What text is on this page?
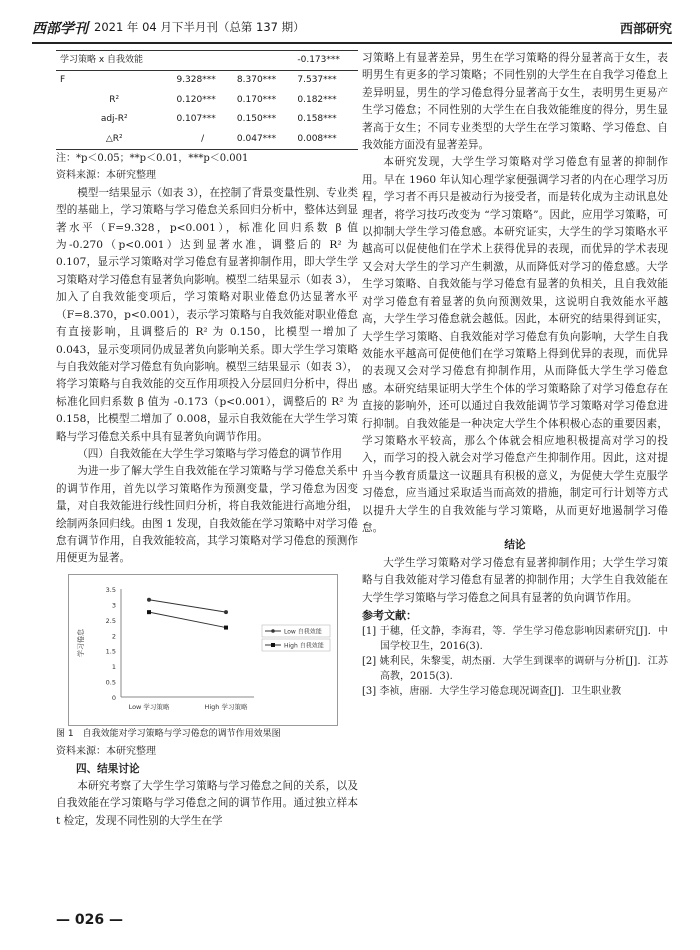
西部学刊 2021 年 04 月下半月刊（总第 137 期）	西部研究
学习策略 x 自我效能			-0.173***
F	9.328***	8.370***	7.537***
R²	0.120***	0.170***	0.182***
adj-R²	0.107***	0.150***	0.158***
△R²	/	0.047***	0.008***

注：*p＜0.05；**p＜0.01，***p＜0.001

资料来源：本研究整理

模型一结果显示（如表 3），在控制了背景变量性别、专业类型的基础上，学习策略与学习倦怠关系回归分析中，整体达到显著水平（F=9.328，p<0.001），标准化回归系数 β 值为-0.270（p<0.001）达到显著水准，调整后的 R² 为 0.107，显示学习策略对学习倦怠有显著抑制作用，即大学生学习策略对学习倦怠有显著负向影响。模型二结果显示（如表 3），加入了自我效能变项后，学习策略对职业倦怠仍达显著水平（F=8.370，p<0.001），表示学习策略与自我效能对职业倦怠有直接影响，且调整后的 R² 为 0.150，比模型一增加了 0.043，显示变项同仍成显著负向影响关系。即大学生学习策略与自我效能对学习倦怠有负向影响。模型三结果显示（如表 3），将学习策略与自我效能的交互作用项投入分层回归分析中，得出标准化回归系数 β 值为 -0.173（p<0.001），调整后的 R² 为 0.158，比模型二增加了 0.008，显示自我效能在大学生学习策略与学习倦怠关系中具有显著负向调节作用。

（四）自我效能在大学生学习策略与学习倦怠的调节作用

为进一步了解大学生自我效能在学习策略与学习倦怠关系中的调节作用，首先以学习策略作为预测变量，学习倦怠为因变量，对自我效能进行线性回归分析，将自我效能进行高地分组，绘制两条回归线。由图 1 发现，自我效能在学习策略中对学习倦怠有调节作用，自我效能较高，其学习策略对学习倦怠的预测作用便更为显著。

0
0.5
1
1.5
2
2.5
3
3.5
学习倦怠
Low 学习策略	High 学习策略
Low 自我效能
High 自我效能

图 1　自我效能对学习策略与学习倦怠的调节作用效果图

资料来源：本研究整理

四、结果讨论

本研究考察了大学生学习策略与学习倦怠之间的关系，以及自我效能在学习策略与学习倦怠之间的调节作用。通过独立样本 t 检定，发现不同性别的大学生在学

习策略上有显著差异，男生在学习策略的得分显著高于女生，表明男生有更多的学习策略；不同性别的大学生在自我学习倦怠上差异明显，男生的学习倦怠得分显著高于女生，表明男生更易产生学习倦怠；不同性别的大学生在自我效能维度的得分，男生显著高于女生；不同专业类型的大学生在学习策略、学习倦怠、自我效能方面没有显著差异。

本研究发现，大学生学习策略对学习倦怠有显著的抑制作用。早在 1960 年认知心理学家便强调学习者的内在心理学习历程，学习者不再只是被动行为接受者，而是转化成为主动讯息处理者，将学习技巧改变为 “学习策略”。因此，应用学习策略，可以抑制大学生学习倦怠感。本研究证实，大学生的学习策略水平越高可以促使他们在学术上获得优异的表现，而优异的学术表现又会对大学生的学习产生刺激，从而降低对学习的倦怠感。大学生学习策略、自我效能与学习倦怠有显著的负相关，且自我效能对学习倦怠有着显著的负向预测效果，这说明自我效能水平越高，大学生学习倦怠就会越低。因此，本研究的结果得到证实，大学生学习策略、自我效能对学习倦怠有负向影响，大学生自我效能水平越高可促使他们在学习策略上得到优异的表现，而优异的表现又会对学习倦怠有抑制作用，从而降低大学生学习倦怠感。本研究结果证明大学生个体的学习策略除了对学习倦怠存在直接的影响外，还可以通过自我效能调节学习策略对学习倦怠进行抑制。自我效能是一种决定大学生个体积极心态的重要因素，学习策略水平较高，那么个体就会相应地积极提高对学习的投入，而学习的投入就会对学习倦怠产生抑制作用。因此，这对提升当今教育质量这一议题具有积极的意义，为促使大学生克服学习倦怠，应当通过采取适当而高效的措施，制定可行计划等方式以提升大学生的自我效能与学习策略，从而更好地遏制学习倦怠。

结论

大学生学习策略对学习倦怠有显著抑制作用；大学生学习策略与自我效能对学习倦怠有显著的抑制作用；大学生自我效能在大学生学习策略与学习倦怠之间具有显著的负向调节作用。

参考文献：

[1] 于穗，任文静，李海君，等．学生学习倦怠影响因素研究[J]．中国学校卫生，2016(3).

[2] 姚利民，朱黎雯，胡杰丽．大学生到课率的调研与分析[J]．江苏高教，2015(3).

[3] 李祯，唐丽．大学生学习倦怠现况调查[J]．卫生职业教

— 026 —
